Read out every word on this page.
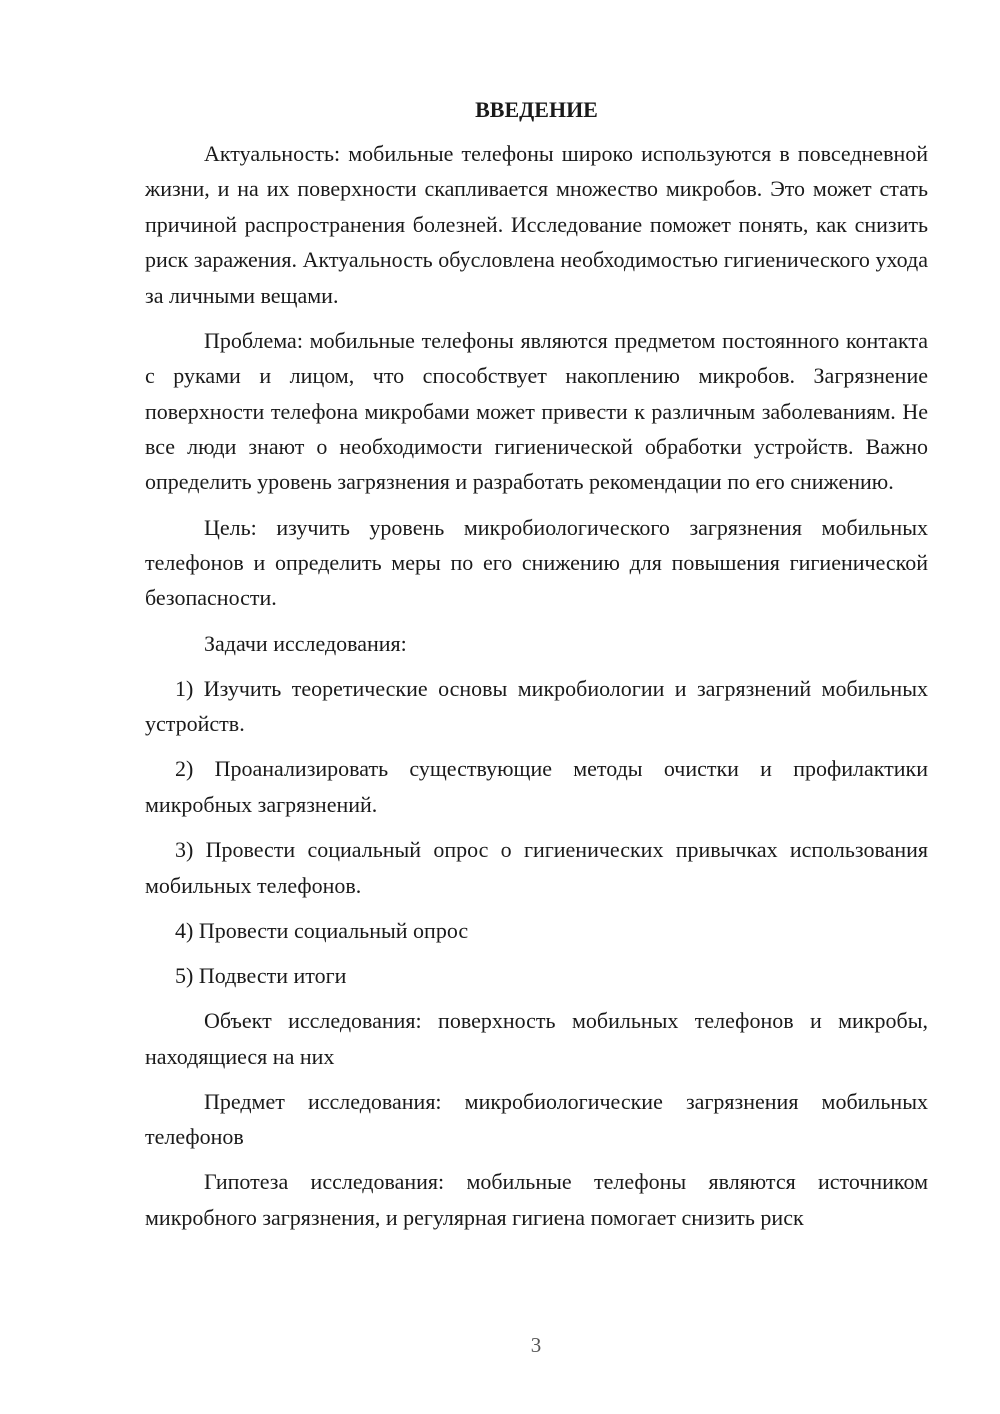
ВВЕДЕНИЕ

Актуальность: мобильные телефоны широко используются в повседневной жизни, и на их поверхности скапливается множество микробов. Это может стать причиной распространения болезней. Исследование поможет понять, как снизить риск заражения. Актуальность обусловлена необходимостью гигиенического ухода за личными вещами.

Проблема: мобильные телефоны являются предметом постоянного контакта с руками и лицом, что способствует накоплению микробов. Загрязнение поверхности телефона микробами может привести к различным заболеваниям. Не все люди знают о необходимости гигиенической обработки устройств. Важно определить уровень загрязнения и разработать рекомендации по его снижению.

Цель: изучить уровень микробиологического загрязнения мобильных телефонов и определить меры по его снижению для повышения гигиенической безопасности.

Задачи исследования:

1) Изучить теоретические основы микробиологии и загрязнений мобильных устройств.

2) Проанализировать существующие методы очистки и профилактики микробных загрязнений.

3) Провести социальный опрос о гигиенических привычках использования мобильных телефонов.

4) Провести социальный опрос

5) Подвести итоги

Объект исследования: поверхность мобильных телефонов и микробы, находящиеся на них

Предмет исследования: микробиологические загрязнения мобильных телефонов

Гипотеза исследования: мобильные телефоны являются источником микробного загрязнения, и регулярная гигиена помогает снизить риск

3
